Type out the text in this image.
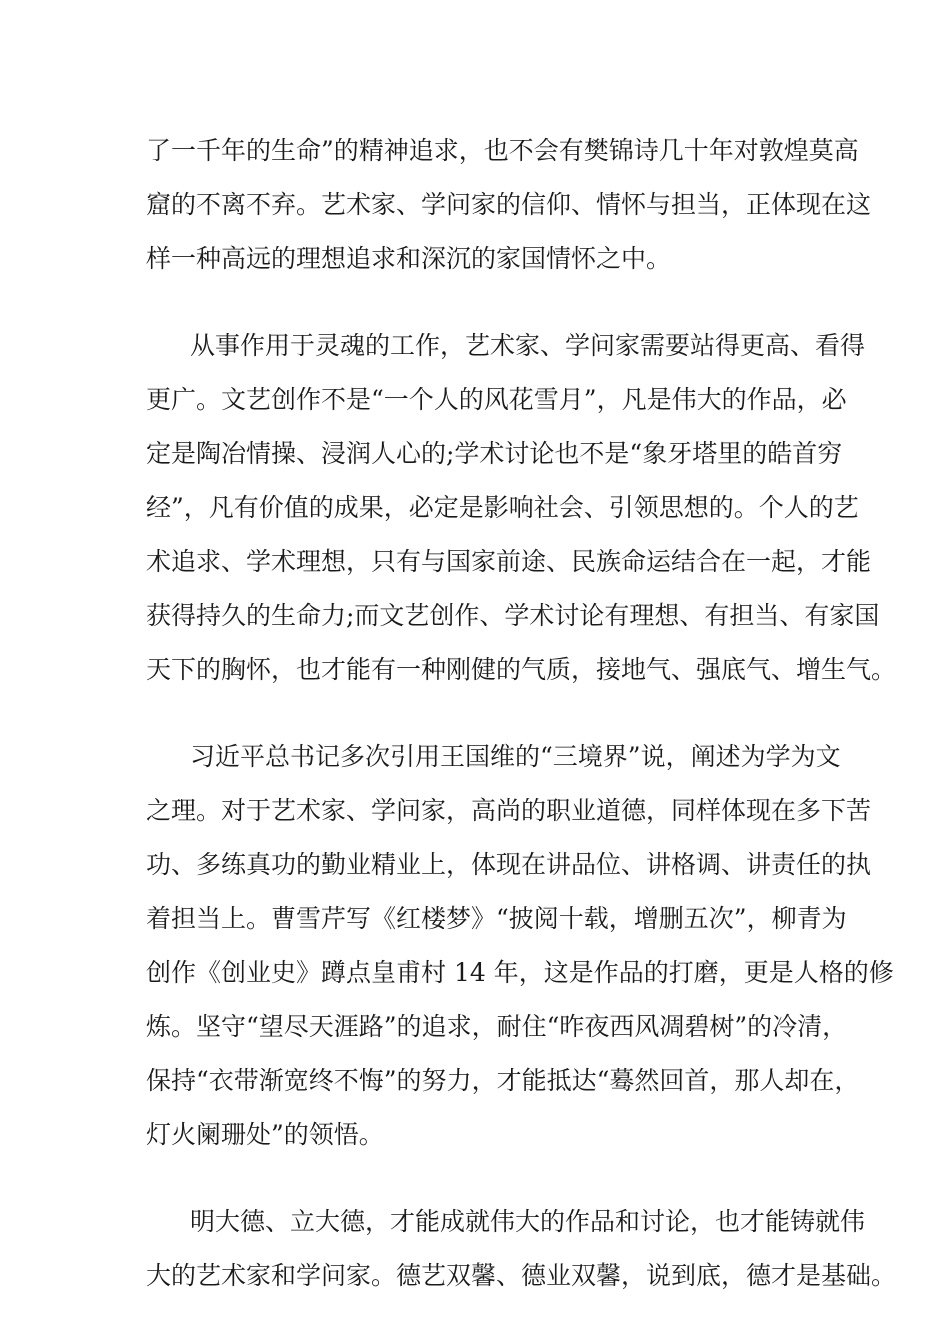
了一千年的生命”的精神追求，也不会有樊锦诗几十年对敦煌莫高
窟的不离不弃。艺术家、学问家的信仰、情怀与担当，正体现在这
样一种高远的理想追求和深沉的家国情怀之中。
从事作用于灵魂的工作，艺术家、学问家需要站得更高、看得
更广。文艺创作不是“一个人的风花雪月”，凡是伟大的作品，必
定是陶冶情操、浸润人心的;学术讨论也不是“象牙塔里的皓首穷
经”，凡有价值的成果，必定是影响社会、引领思想的。个人的艺
术追求、学术理想，只有与国家前途、民族命运结合在一起，才能
获得持久的生命力;而文艺创作、学术讨论有理想、有担当、有家国
天下的胸怀，也才能有一种刚健的气质，接地气、强底气、增生气。
习近平总书记多次引用王国维的“三境界”说，阐述为学为文
之理。对于艺术家、学问家，高尚的职业道德，同样体现在多下苦
功、多练真功的勤业精业上，体现在讲品位、讲格调、讲责任的执
着担当上。曹雪芹写《红楼梦》“披阅十载，增删五次”，柳青为
创作《创业史》蹲点皇甫村 14 年，这是作品的打磨，更是人格的修
炼。坚守“望尽天涯路”的追求，耐住“昨夜西风凋碧树”的冷清，
保持“衣带渐宽终不悔”的努力，才能抵达“蓦然回首，那人却在，
灯火阑珊处”的领悟。
明大德、立大德，才能成就伟大的作品和讨论，也才能铸就伟
大的艺术家和学问家。德艺双馨、德业双馨，说到底，德才是基础。
